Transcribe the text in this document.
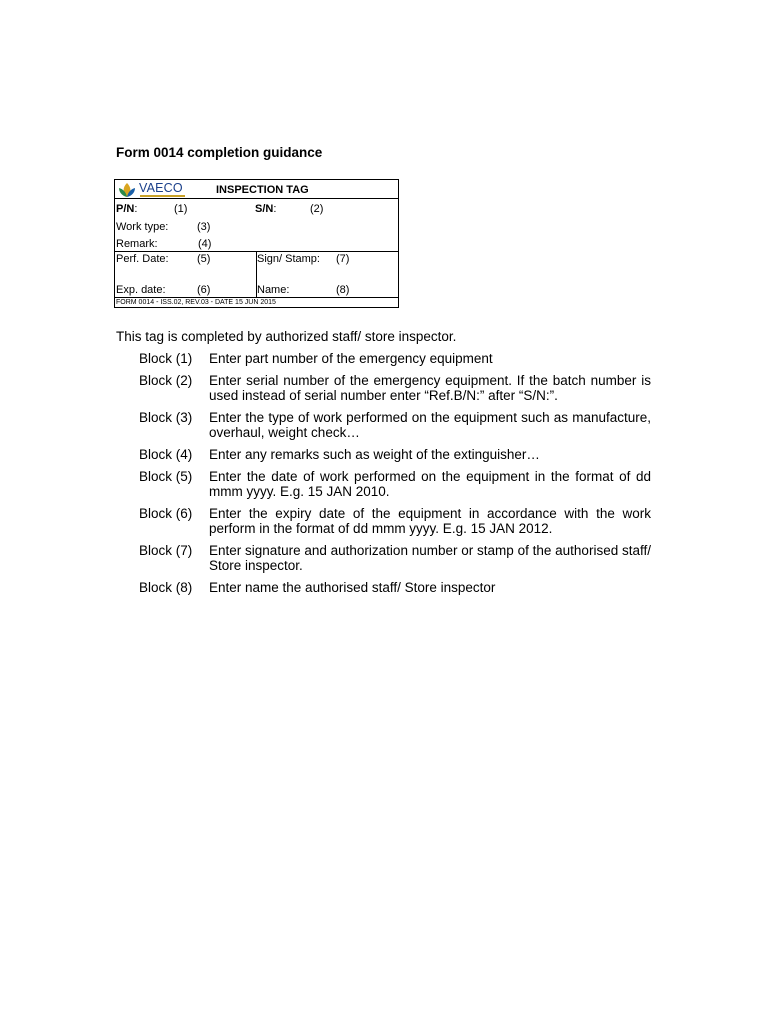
Form 0014 completion guidance
VAECO	INSPECTION TAG
P/N:	(1)	S/N:	(2)
Work type:	(3)
Remark:	(4)
Perf. Date:	(5)	Sign/ Stamp: (7)
Exp. date:	(6)	Name:	(8)
FORM 0014 - ISS.02, REV.03 - DATE 15 JUN 2015
This tag is completed by authorized staff/ store inspector.
Block (1)	Enter part number of the emergency equipment
Block (2)	Enter serial number of the emergency equipment. If the batch number is used instead of serial number enter “Ref.B/N:” after “S/N:”.
Block (3)	Enter the type of work performed on the equipment such as manufacture, overhaul, weight check…
Block (4)	Enter any remarks such as weight of the extinguisher…
Block (5)	Enter the date of work performed on the equipment in the format of dd mmm yyyy. E.g. 15 JAN 2010.
Block (6)	Enter the expiry date of the equipment in accordance with the work perform in the format of dd mmm yyyy. E.g. 15 JAN 2012.
Block (7)	Enter signature and authorization number or stamp of the authorised staff/ Store inspector.
Block (8)	Enter name the authorised staff/ Store inspector
